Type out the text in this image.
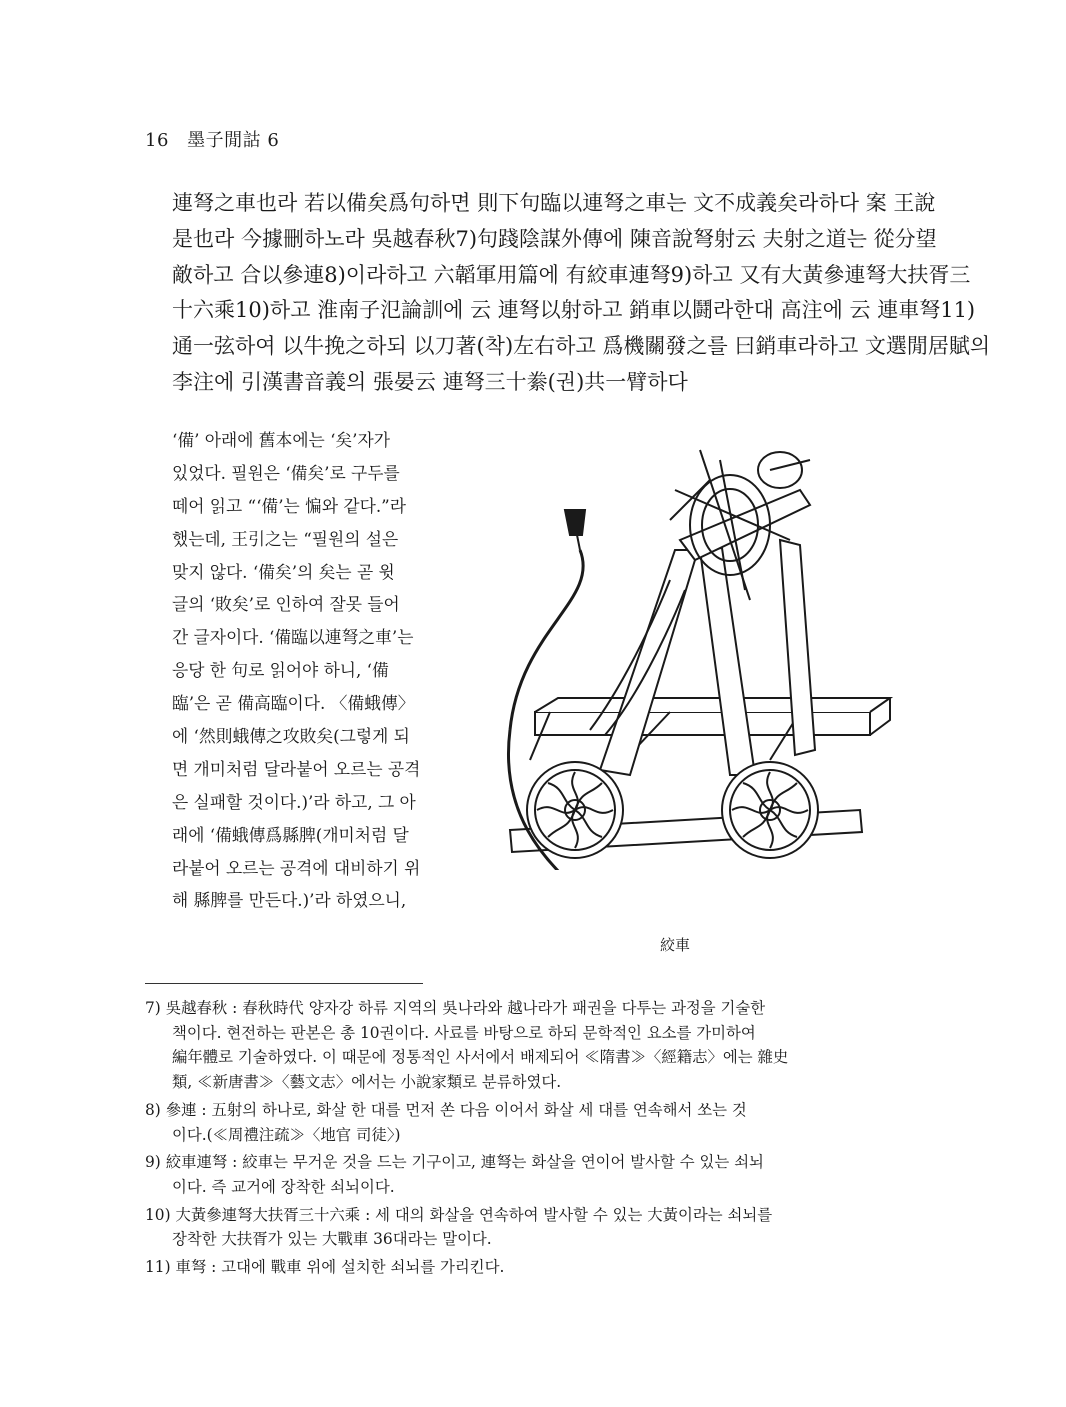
16 墨子閒詁 6
連弩之車也라 若以備矣爲句하면 則下句臨以連弩之車는 文不成義矣라하다 案 王說
是也라 今據刪하노라 吳越春秋7)句踐陰謀外傳에 陳音說弩射云 夫射之道는 從分望
敵하고 合以參連8)이라하고 六韜軍用篇에 有絞車連弩9)하고 又有大黃參連弩大扶胥三
十六乘10)하고 淮南子氾論訓에 云 連弩以射하고 銷車以鬪라한대 高注에 云 連車弩11)
通一弦하여 以牛挽之하되 以刀著(착)左右하고 爲機關發之를 曰銷車라하고 文選閒居賦의
李注에 引漢書音義의 張晏云 連弩三十絭(권)共一臂하다
‘備’ 아래에 舊本에는 ‘矣’자가
있었다. 필원은 ‘備矣’로 구두를
떼어 읽고 “‘備’는 惼와 같다.”라
했는데, 王引之는 “필원의 설은
맞지 않다. ‘備矣’의 矣는 곧 윗
글의 ‘敗矣’로 인하여 잘못 들어
간 글자이다. ‘備臨以連弩之車’는
응당 한 句로 읽어야 하니, ‘備
臨’은 곧 備高臨이다. 〈備蛾傳〉
에 ‘然則蛾傳之攻敗矣(그렇게 되
면 개미처럼 달라붙어 오르는 공격
은 실패할 것이다.)’라 하고, 그 아
래에 ‘備蛾傳爲縣脾(개미처럼 달
라붙어 오르는 공격에 대비하기 위
해 縣脾를 만든다.)’라 하였으니,
絞車
7) 吳越春秋 : 春秋時代 양자강 하류 지역의 吳나라와 越나라가 패권을 다투는 과정을 기술한
책이다. 현전하는 판본은 총 10권이다. 사료를 바탕으로 하되 문학적인 요소를 가미하여
編年體로 기술하였다. 이 때문에 정통적인 사서에서 배제되어 ≪隋書≫〈經籍志〉에는 雜史
類, ≪新唐書≫〈藝文志〉에서는 小說家類로 분류하였다.
8) 參連 : 五射의 하나로, 화살 한 대를 먼저 쏜 다음 이어서 화살 세 대를 연속해서 쏘는 것
이다.(≪周禮注疏≫〈地官 司徒〉)
9) 絞車連弩 : 絞車는 무거운 것을 드는 기구이고, 連弩는 화살을 연이어 발사할 수 있는 쇠뇌
이다. 즉 교거에 장착한 쇠뇌이다.
10) 大黃參連弩大扶胥三十六乘 : 세 대의 화살을 연속하여 발사할 수 있는 大黃이라는 쇠뇌를
장착한 大扶胥가 있는 大戰車 36대라는 말이다.
11) 車弩 : 고대에 戰車 위에 설치한 쇠뇌를 가리킨다.
